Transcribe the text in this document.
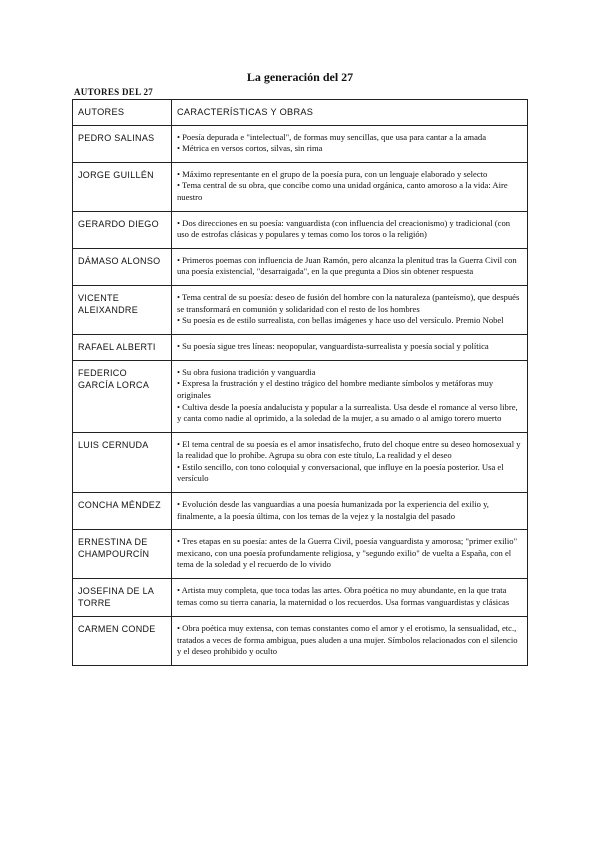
La generación del 27
AUTORES DEL 27
AUTORES	CARACTERÍSTICAS Y OBRAS
PEDRO SALINAS	• Poesía depurada e "intelectual", de formas muy sencillas, que usa para cantar a la amada
• Métrica en versos cortos, silvas, sin rima

JORGE GUILLÉN	• Máximo representante en el grupo de la poesía pura, con un lenguaje elaborado y selecto
• Tema central de su obra, que concibe como una unidad orgánica, canto amoroso a la vida: Aire nuestro

GERARDO DIEGO	• Dos direcciones en su poesía: vanguardista (con influencia del creacionismo) y tradicional (con uso de estrofas clásicas y populares y temas como los toros o la religión)

DÁMASO ALONSO	• Primeros poemas con influencia de Juan Ramón, pero alcanza la plenitud tras la Guerra Civil con una poesía existencial, "desarraigada", en la que pregunta a Dios sin obtener respuesta

VICENTE ALEIXANDRE	• Tema central de su poesía: deseo de fusión del hombre con la naturaleza (panteísmo), que después se transformará en comunión y solidaridad con el resto de los hombres
• Su poesía es de estilo surrealista, con bellas imágenes y hace uso del versículo. Premio Nobel

RAFAEL ALBERTI	• Su poesía sigue tres líneas: neopopular, vanguardista-surrealista y poesía social y política

FEDERICO GARCÍA LORCA	• Su obra fusiona tradición y vanguardia
• Expresa la frustración y el destino trágico del hombre mediante símbolos y metáforas muy originales
• Cultiva desde la poesía andalucista y popular a la surrealista. Usa desde el romance al verso libre, y canta como nadie al oprimido, a la soledad de la mujer, a su amado o al amigo torero muerto

LUIS CERNUDA	• El tema central de su poesía es el amor insatisfecho, fruto del choque entre su deseo homosexual y la realidad que lo prohíbe. Agrupa su obra con este título, La realidad y el deseo
• Estilo sencillo, con tono coloquial y conversacional, que influye en la poesía posterior. Usa el versículo

CONCHA MÉNDEZ	• Evolución desde las vanguardias a una poesía humanizada por la experiencia del exilio y, finalmente, a la poesía última, con los temas de la vejez y la nostalgia del pasado

ERNESTINA DE CHAMPOURCÍN	• Tres etapas en su poesía: antes de la Guerra Civil, poesía vanguardista y amorosa; "primer exilio" mexicano, con una poesía profundamente religiosa, y "segundo exilio" de vuelta a España, con el tema de la soledad y el recuerdo de lo vivido

JOSEFINA DE LA TORRE	• Artista muy completa, que toca todas las artes. Obra poética no muy abundante, en la que trata temas como su tierra canaria, la maternidad o los recuerdos. Usa formas vanguardistas y clásicas

CARMEN CONDE	• Obra poética muy extensa, con temas constantes como el amor y el erotismo, la sensualidad, etc., tratados a veces de forma ambigua, pues aluden a una mujer. Símbolos relacionados con el silencio y el deseo prohibido y oculto
